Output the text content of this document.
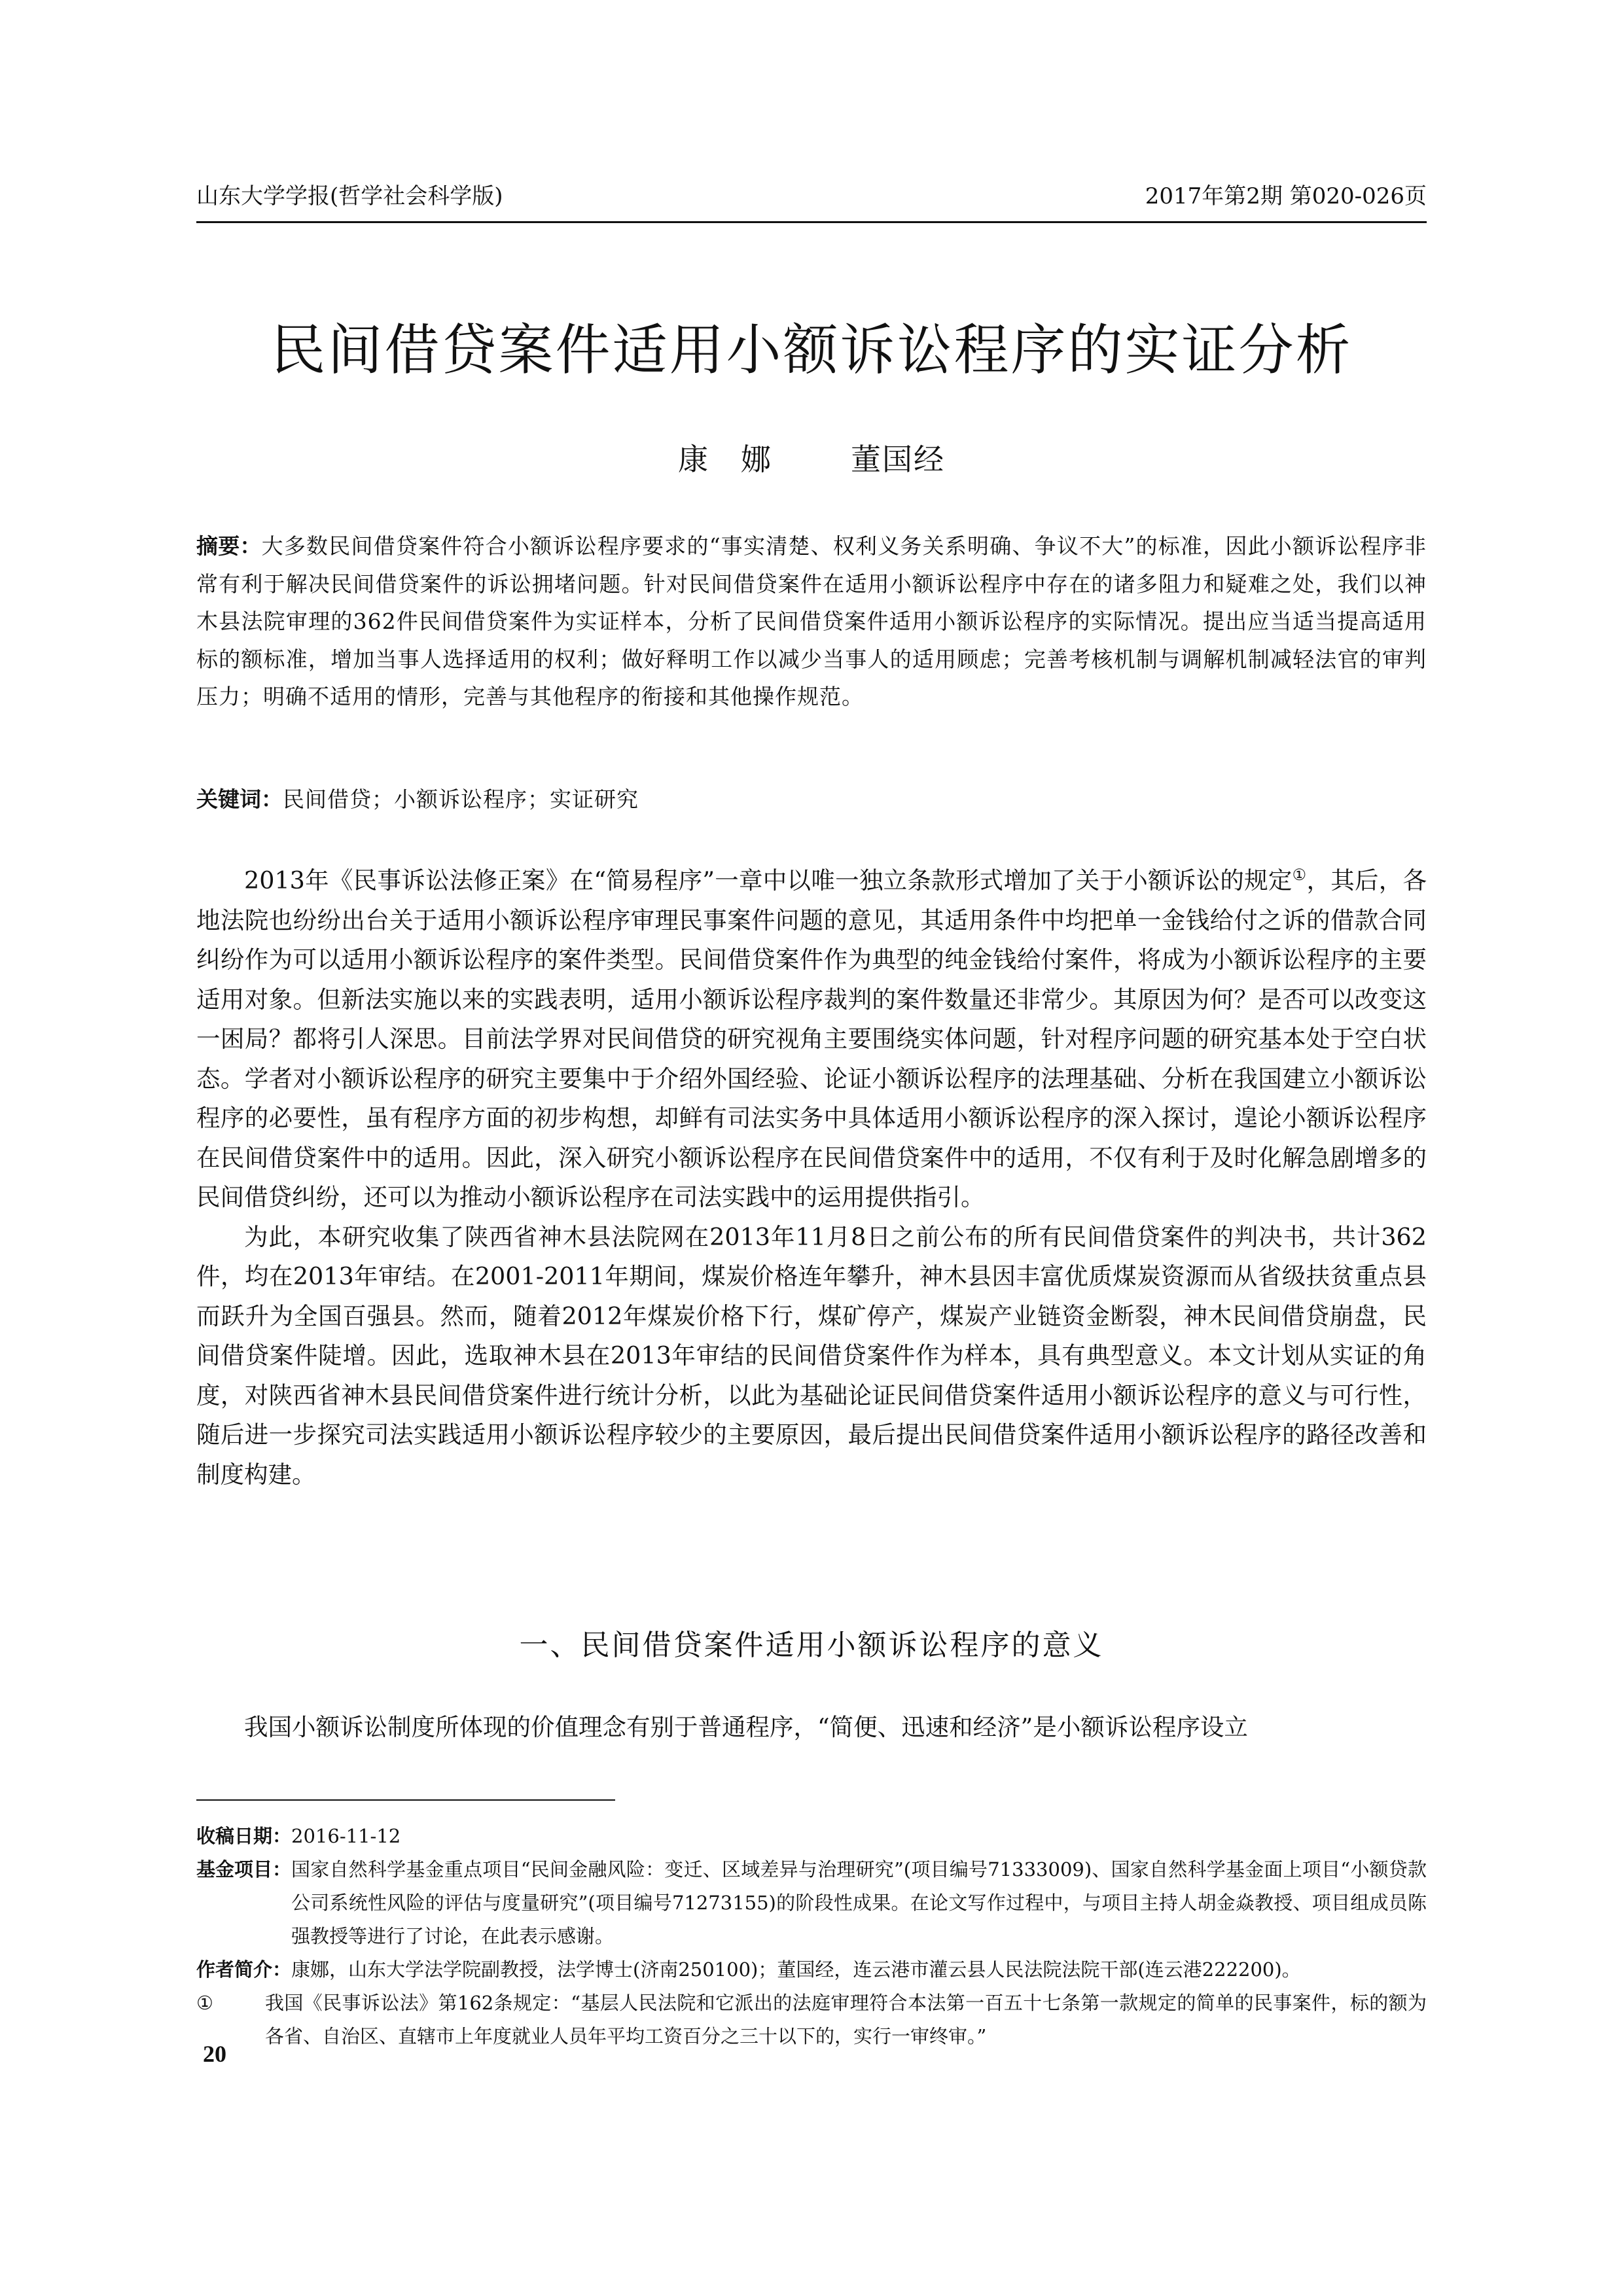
山东大学学报(哲学社会科学版)	2017年第2期 第020-026页
民间借贷案件适用小额诉讼程序的实证分析
康　娜	董国经
摘要：大多数民间借贷案件符合小额诉讼程序要求的“事实清楚、权利义务关系明确、争议不大”的标准，因此小额诉讼程序非常有利于解决民间借贷案件的诉讼拥堵问题。针对民间借贷案件在适用小额诉讼程序中存在的诸多阻力和疑难之处，我们以神木县法院审理的362件民间借贷案件为实证样本，分析了民间借贷案件适用小额诉讼程序的实际情况。提出应当适当提高适用标的额标准，增加当事人选择适用的权利；做好释明工作以减少当事人的适用顾虑；完善考核机制与调解机制减轻法官的审判压力；明确不适用的情形，完善与其他程序的衔接和其他操作规范。
关键词：民间借贷；小额诉讼程序；实证研究

2013年《民事诉讼法修正案》在“简易程序”一章中以唯一独立条款形式增加了关于小额诉讼的规定①，其后，各地法院也纷纷出台关于适用小额诉讼程序审理民事案件问题的意见，其适用条件中均把单一金钱给付之诉的借款合同纠纷作为可以适用小额诉讼程序的案件类型。民间借贷案件作为典型的纯金钱给付案件，将成为小额诉讼程序的主要适用对象。但新法实施以来的实践表明，适用小额诉讼程序裁判的案件数量还非常少。其原因为何？是否可以改变这一困局？都将引人深思。目前法学界对民间借贷的研究视角主要围绕实体问题，针对程序问题的研究基本处于空白状态。学者对小额诉讼程序的研究主要集中于介绍外国经验、论证小额诉讼程序的法理基础、分析在我国建立小额诉讼程序的必要性，虽有程序方面的初步构想，却鲜有司法实务中具体适用小额诉讼程序的深入探讨，遑论小额诉讼程序在民间借贷案件中的适用。因此，深入研究小额诉讼程序在民间借贷案件中的适用，不仅有利于及时化解急剧增多的民间借贷纠纷，还可以为推动小额诉讼程序在司法实践中的运用提供指引。

为此，本研究收集了陕西省神木县法院网在2013年11月8日之前公布的所有民间借贷案件的判决书，共计362件，均在2013年审结。在2001-2011年期间，煤炭价格连年攀升，神木县因丰富优质煤炭资源而从省级扶贫重点县而跃升为全国百强县。然而，随着2012年煤炭价格下行，煤矿停产，煤炭产业链资金断裂，神木民间借贷崩盘，民间借贷案件陡增。因此，选取神木县在2013年审结的民间借贷案件作为样本，具有典型意义。本文计划从实证的角度，对陕西省神木县民间借贷案件进行统计分析，以此为基础论证民间借贷案件适用小额诉讼程序的意义与可行性，随后进一步探究司法实践适用小额诉讼程序较少的主要原因，最后提出民间借贷案件适用小额诉讼程序的路径改善和制度构建。

一、民间借贷案件适用小额诉讼程序的意义

我国小额诉讼制度所体现的价值理念有别于普通程序，“简便、迅速和经济”是小额诉讼程序设立

收稿日期： 2016-11-12
基金项目： 国家自然科学基金重点项目“民间金融风险：变迁、区域差异与治理研究”(项目编号71333009)、国家自然科学基金面上项目“小额贷款公司系统性风险的评估与度量研究”(项目编号71273155)的阶段性成果。在论文写作过程中，与项目主持人胡金焱教授、项目组成员陈强教授等进行了讨论，在此表示感谢。
作者简介： 康娜，山东大学法学院副教授，法学博士(济南250100)；董国经，连云港市灌云县人民法院法院干部(连云港222200)。
①	我国《民事诉讼法》第162条规定：“基层人民法院和它派出的法庭审理符合本法第一百五十七条第一款规定的简单的民事案件，标的额为各省、自治区、直辖市上年度就业人员年平均工资百分之三十以下的，实行一审终审。”
20
